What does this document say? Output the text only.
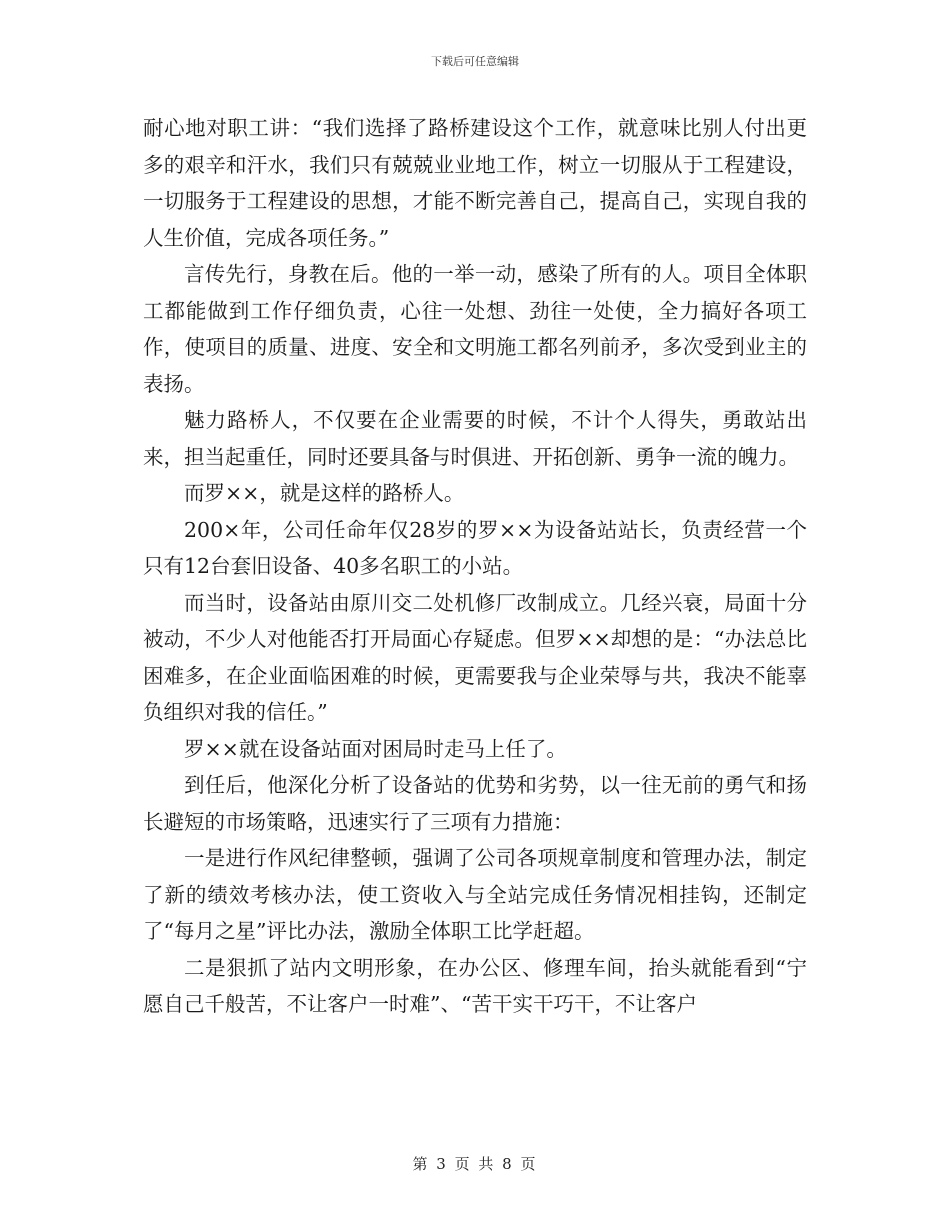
下载后可任意编辑

耐心地对职工讲：“我们选择了路桥建设这个工作，就意味比别人付出更多的艰辛和汗水，我们只有兢兢业业地工作，树立一切服从于工程建设，一切服务于工程建设的思想，才能不断完善自己，提高自己，实现自我的人生价值，完成各项任务。”

言传先行，身教在后。他的一举一动，感染了所有的人。项目全体职工都能做到工作仔细负责，心往一处想、劲往一处使，全力搞好各项工作，使项目的质量、进度、安全和文明施工都名列前矛，多次受到业主的表扬。

魅力路桥人，不仅要在企业需要的时候，不计个人得失，勇敢站出来，担当起重任，同时还要具备与时俱进、开拓创新、勇争一流的魄力。

而罗××，就是这样的路桥人。

200×年，公司任命年仅28岁的罗××为设备站站长，负责经营一个只有12台套旧设备、40多名职工的小站。

而当时，设备站由原川交二处机修厂改制成立。几经兴衰，局面十分被动，不少人对他能否打开局面心存疑虑。但罗××却想的是：“办法总比困难多，在企业面临困难的时候，更需要我与企业荣辱与共，我决不能辜负组织对我的信任。”

罗××就在设备站面对困局时走马上任了。

到任后，他深化分析了设备站的优势和劣势，以一往无前的勇气和扬长避短的市场策略，迅速实行了三项有力措施：

一是进行作风纪律整顿，强调了公司各项规章制度和管理办法，制定了新的绩效考核办法，使工资收入与全站完成任务情况相挂钩，还制定了“每月之星”评比办法，激励全体职工比学赶超。

二是狠抓了站内文明形象，在办公区、修理车间，抬头就能看到“宁愿自己千般苦，不让客户一时难”、“苦干实干巧干，不让客户

第 3 页 共 8 页
